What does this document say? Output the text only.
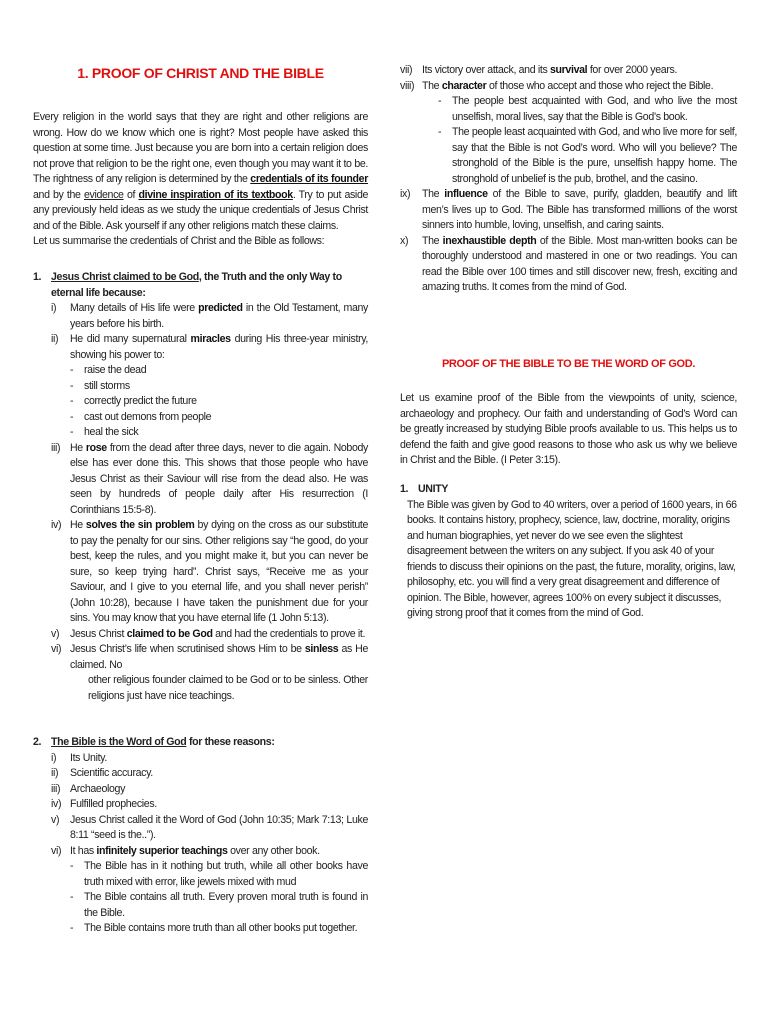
1. PROOF OF CHRIST AND THE BIBLE

Every religion in the world says that they are right and other religions are wrong. How do we know which one is right? Most people have asked this question at some time. Just because you are born into a certain religion does not prove that religion to be the right one, even though you may want it to be. The rightness of any religion is determined by the credentials of its founder and by the evidence of divine inspiration of its textbook. Try to put aside any previously held ideas as we study the unique credentials of Jesus Christ and of the Bible. Ask yourself if any other religions match these claims.

Let us summarise the credentials of Christ and the Bible as follows:

1. Jesus Christ claimed to be God, the Truth and the only Way to eternal life because:
i)	Many details of His life were predicted in the Old Testament, many years before his birth.

ii)	He did many supernatural miracles during His three-year ministry, showing his power to:

-	raise the dead
-	still storms
-	correctly predict the future
-	cast out demons from people
-	heal the sick
iii) He rose from the dead after three days, never to die again. Nobody else has ever done this. This shows that those people who have Jesus Christ as their Saviour will rise from the dead also. He was seen by hundreds of people daily after His resurrection (I Corinthians 15:5-8).

iv) He solves the sin problem by dying on the cross as our substitute to pay the penalty for our sins. Other religions say “he good, do your best, keep the rules, and you might make it, but you can never be sure, so keep trying hard”. Christ says, “Receive me as your Saviour, and I give to you eternal life, and you shall never perish” (John 10:28), because I have taken the punishment due for your sins. You may know that you have eternal life (1 John 5:13).

v)	Jesus Christ claimed to be God and had the credentials to prove it.

vi) Jesus Christ’s life when scrutinised shows Him to be sinless as He claimed. No

other religious founder claimed to be God or to be sinless. Other religions just have nice teachings.

2. The Bible is the Word of God for these reasons:
i)	Its Unity.
ii)	Scientific accuracy.
iii) Archaeology
iv) Fulfilled prophecies.
v)	Jesus Christ called it the Word of God (John 10:35; Mark 7:13; Luke 8:11 “seed is the..”).

vi) It has infinitely superior teachings over any other book.

-	The Bible has in it nothing but truth, while all other books have truth mixed with error, like jewels mixed with mud

-	The Bible contains all truth. Every proven moral truth is found in the Bible.

-	The Bible contains more truth than all other books put together.

vii) Its victory over attack, and its survival for over 2000 years.

viii) The character of those who accept and those who reject the Bible.

-	The people best acquainted with God, and who live the most unselfish, moral lives, say that the Bible is God’s book.

-	The people least acquainted with God, and who live more for self, say that the Bible is not God’s word. Who will you believe? The stronghold of the Bible is the pure, unselfish happy home. The stronghold of unbelief is the pub, brothel, and the casino.

ix)	The influence of the Bible to save, purify, gladden, beautify and lift men’s lives up to God. The Bible has transformed millions of the worst sinners into humble, loving, unselfish, and caring saints.

x)	The inexhaustible depth of the Bible. Most man-written books can be thoroughly understood and mastered in one or two readings. You can read the Bible over 100 times and still discover new, fresh, exciting and amazing truths. It comes from the mind of God.

PROOF OF THE BIBLE TO BE THE WORD OF GOD.

Let us examine proof of the Bible from the viewpoints of unity, science, archaeology and prophecy. Our faith and understanding of God’s Word can be greatly increased by studying Bible proofs available to us. This helps us to defend the faith and give good reasons to those who ask us why we believe in Christ and the Bible. (I Peter 3:15).

1. UNITY

The Bible was given by God to 40 writers, over a period of 1600 years, in 66 books. It contains history, prophecy, science, law, doctrine, morality, origins and human biographies, yet never do we see even the slightest disagreement between the writers on any subject. If you ask 40 of your friends to discuss their opinions on the past, the future, morality, origins, law, philosophy, etc. you will find a very great disagreement and difference of opinion. The Bible, however, agrees 100% on every subject it discusses, giving strong proof that it comes from the mind of God.
